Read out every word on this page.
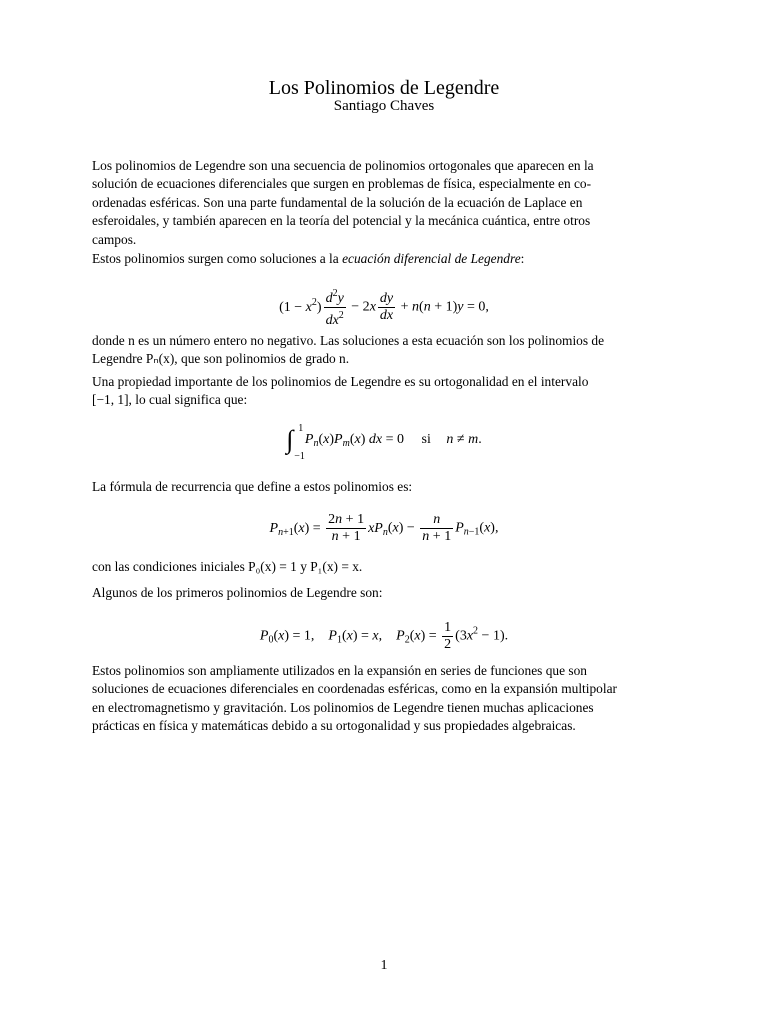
Los Polinomios de Legendre
Santiago Chaves
Los polinomios de Legendre son una secuencia de polinomios ortogonales que aparecen en la
solución de ecuaciones diferenciales que surgen en problemas de física, especialmente en co-
ordenadas esféricas. Son una parte fundamental de la solución de la ecuación de Laplace en
esferoidales, y también aparecen en la teoría del potencial y la mecánica cuántica, entre otros
campos.
Estos polinomios surgen como soluciones a la ecuación diferencial de Legendre:
$(1 - x^2) \frac{d^2y}{dx^2} - 2x \frac{dy}{dx} + n(n + 1)y = 0$,
donde n es un número entero no negativo. Las soluciones a esta ecuación son los polinomios de
Legendre Pₙ(x), que son polinomios de grado n.
Una propiedad importante de los polinomios de Legendre es su ortogonalidad en el intervalo
[−1, 1], lo cual significa que:
∫ 1
−1
$P_n(x)P_m(x)$ dx = 0 si n ≠ m.
La fórmula de recurrencia que define a estos polinomios es:
$P_{n+1}(x) = \frac{2n + 1}{n + 1} xP_n(x) - \frac{n}{n + 1} P_{n-1}(x)$,
con las condiciones iniciales P₀(x) = 1 y P₁(x) = x.
Algunos de los primeros polinomios de Legendre son:
$P_0(x) = 1$,    $P_1(x) = x$,    $P_2(x) = \frac{1}{2} (3x^2 - 1)$.
Estos polinomios son ampliamente utilizados en la expansión en series de funciones que son
soluciones de ecuaciones diferenciales en coordenadas esféricas, como en la expansión multipolar
en electromagnetismo y gravitación. Los polinomios de Legendre tienen muchas aplicaciones
prácticas en física y matemáticas debido a su ortogonalidad y sus propiedades algebraicas.
1
